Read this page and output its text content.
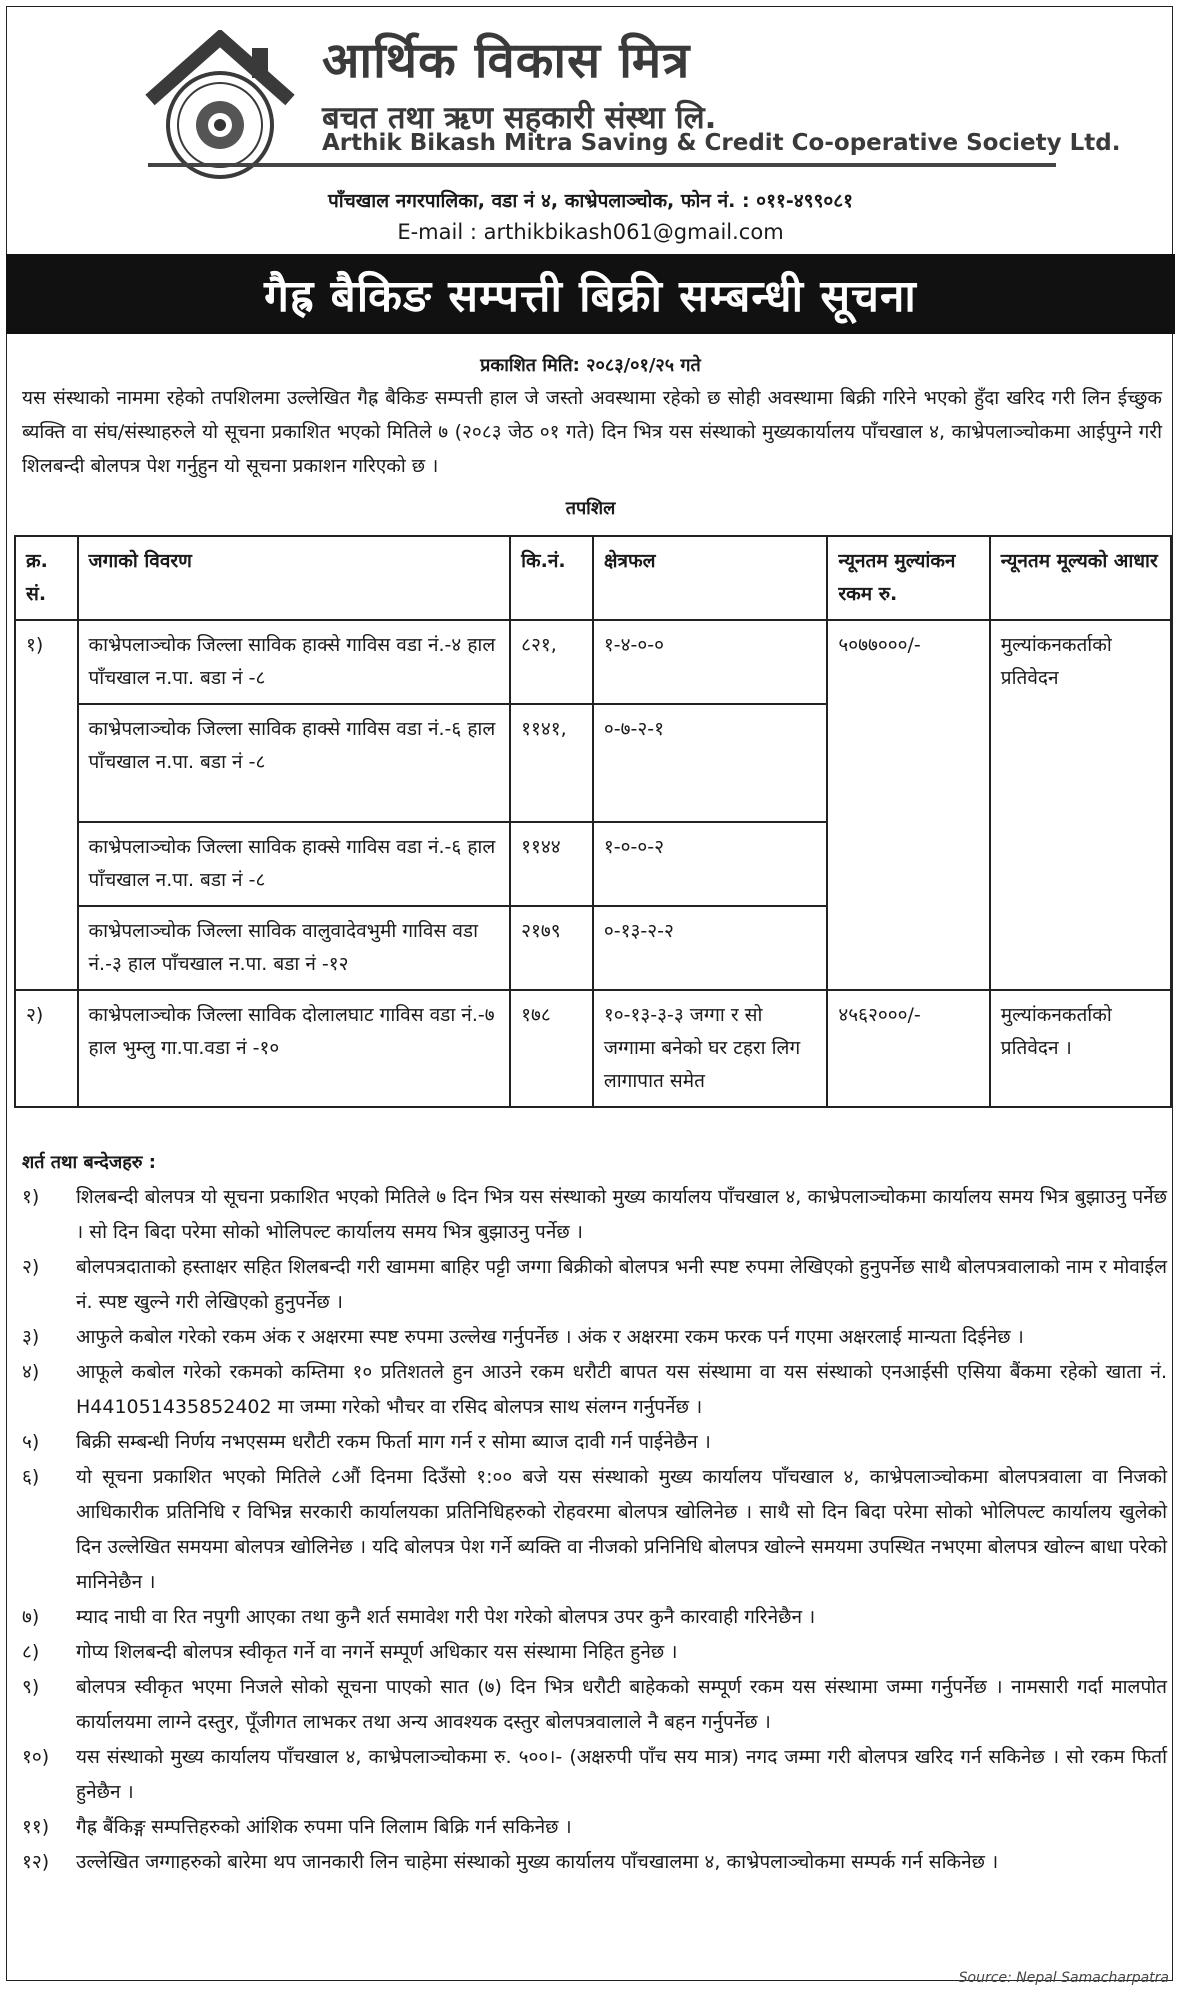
आर्थिक विकास मित्र
बचत तथा ऋण सहकारी संस्था लि.
Arthik Bikash Mitra Saving & Credit Co-operative Society Ltd.
पाँचखाल नगरपालिका, वडा नं ४, काभ्रेपलाञ्चोक, फोन नं. : ०११-४९९०८१
E-mail : arthikbikash061@gmail.com
गैह्र बैकिङ सम्पत्ती बिक्री सम्बन्धी सूचना
प्रकाशित मिति: २०८३/०१/२५ गते
यस संस्थाको नाममा रहेको तपशिलमा उल्लेखित गैह्र बैकिङ सम्पत्ती हाल जे जस्तो अवस्थामा रहेको छ सोही अवस्थामा बिक्री गरिने भएको हुँदा खरिद गरी लिन ईच्छुक ब्यक्ति वा संघ/संस्थाहरुले यो सूचना प्रकाशित भएको मितिले ७ (२०८३ जेठ ०१ गते) दिन भित्र यस संस्थाको मुख्यकार्यालय पाँचखाल ४, काभ्रेपलाञ्चोकमा आईपुग्ने गरी शिलबन्दी बोलपत्र पेश गर्नुहुन यो सूचना प्रकाशन गरिएको छ ।
तपशिल
क्र. सं.	जगाको विवरण	कि.नं.	क्षेत्रफल	न्यूनतम मुल्यांकन रकम रु.	न्यूनतम मूल्यको आधार
१)	काभ्रेपलाञ्चोक जिल्ला साविक हाक्से गाविस वडा नं.-४ हाल पाँचखाल न.पा. बडा नं -८	८२१,	१-४-०-०	५०७७०००/-	मुल्यांकनकर्ताको प्रतिवेदन
	काभ्रेपलाञ्चोक जिल्ला साविक हाक्से गाविस वडा नं.-६ हाल पाँचखाल न.पा. बडा नं -८	११४१,	०-७-२-१		
	काभ्रेपलाञ्चोक जिल्ला साविक हाक्से गाविस वडा नं.-६ हाल पाँचखाल न.पा. बडा नं -८	११४४	१-०-०-२		
	काभ्रेपलाञ्चोक जिल्ला साविक वालुवादेवभुमी गाविस वडा नं.-३ हाल पाँचखाल न.पा. बडा नं -१२	२१७९	०-१३-२-२		
२)	काभ्रेपलाञ्चोक जिल्ला साविक दोलालघाट गाविस वडा नं.-७ हाल भुम्लु गा.पा.वडा नं -१०	१७८	१०-१३-३-३ जग्गा र सो जग्गामा बनेको घर टहरा लिग लागापात समेत	४५६२०००/-	मुल्यांकनकर्ताको प्रतिवेदन ।
शर्त तथा बन्देजहरु :
१)	शिलबन्दी बोलपत्र यो सूचना प्रकाशित भएको मितिले ७ दिन भित्र यस संस्थाको मुख्य कार्यालय पाँचखाल ४, काभ्रेपलाञ्चोकमा कार्यालय समय भित्र बुझाउनु पर्नेछ । सो दिन बिदा परेमा सोको भोलिपल्ट कार्यालय समय भित्र बुझाउनु पर्नेछ ।
२)	बोलपत्रदाताको हस्ताक्षर सहित शिलबन्दी गरी खाममा बाहिर पट्टी जग्गा बिक्रीको बोलपत्र भनी स्पष्ट रुपमा लेखिएको हुनुपर्नेछ साथै बोलपत्रवालाको नाम र मोवाईल नं. स्पष्ट खुल्ने गरी लेखिएको हुनुपर्नेछ ।
३)	आफुले कबोल गरेको रकम अंक र अक्षरमा स्पष्ट रुपमा उल्लेख गर्नुपर्नेछ । अंक र अक्षरमा रकम फरक पर्न गएमा अक्षरलाई मान्यता दिईनेछ ।
४)	आफूले कबोल गरेको रकमको कम्तिमा १० प्रतिशतले हुन आउने रकम धरौटी बापत यस संस्थामा वा यस संस्थाको एनआईसी एसिया बैंकमा रहेको खाता नं. H441051435852402 मा जम्मा गरेको भौचर वा रसिद बोलपत्र साथ संलग्न गर्नुपर्नेछ ।
५)	बिक्री सम्बन्धी निर्णय नभएसम्म धरौटी रकम फिर्ता माग गर्न र सोमा ब्याज दावी गर्न पाईनेछैन ।
६)	यो सूचना प्रकाशित भएको मितिले ८औं दिनमा दिउँसो १:०० बजे यस संस्थाको मुख्य कार्यालय पाँचखाल ४, काभ्रेपलाञ्चोकमा बोलपत्रवाला वा निजको आधिकारीक प्रतिनिधि र विभिन्न सरकारी कार्यालयका प्रतिनिधिहरुको रोहवरमा बोलपत्र खोलिनेछ । साथै सो दिन बिदा परेमा सोको भोलिपल्ट कार्यालय खुलेको दिन उल्लेखित समयमा बोलपत्र खोलिनेछ । यदि बोलपत्र पेश गर्ने ब्यक्ति वा नीजको प्रनिनिधि बोलपत्र खोल्ने समयमा उपस्थित नभएमा बोलपत्र खोल्न बाधा परेको मानिनेछैन ।
७)	म्याद नाघी वा रित नपुगी आएका तथा कुनै शर्त समावेश गरी पेश गरेको बोलपत्र उपर कुनै कारवाही गरिनेछैन ।
८)	गोप्य शिलबन्दी बोलपत्र स्वीकृत गर्ने वा नगर्ने सम्पूर्ण अधिकार यस संस्थामा निहित हुनेछ ।
९)	बोलपत्र स्वीकृत भएमा निजले सोको सूचना पाएको सात (७) दिन भित्र धरौटी बाहेकको सम्पूर्ण रकम यस संस्थामा जम्मा गर्नुपर्नेछ । नामसारी गर्दा मालपोत कार्यालयमा लाग्ने दस्तुर, पूँजीगत लाभकर तथा अन्य आवश्यक दस्तुर बोलपत्रवालाले नै बहन गर्नुपर्नेछ ।
१०)	यस संस्थाको मुख्य कार्यालय पाँचखाल ४, काभ्रेपलाञ्चोकमा रु. ५००।- (अक्षरुपी पाँच सय मात्र) नगद जम्मा गरी बोलपत्र खरिद गर्न सकिनेछ । सो रकम फिर्ता हुनेछैन ।
११)	गैह्र बैंकिङ्ग सम्पत्तिहरुको आंशिक रुपमा पनि लिलाम बिक्रि गर्न सकिनेछ ।
१२)	उल्लेखित जग्गाहरुको बारेमा थप जानकारी लिन चाहेमा संस्थाको मुख्य कार्यालय पाँचखालमा ४, काभ्रेपलाञ्चोकमा सम्पर्क गर्न सकिनेछ ।
Source: Nepal Samacharpatra
